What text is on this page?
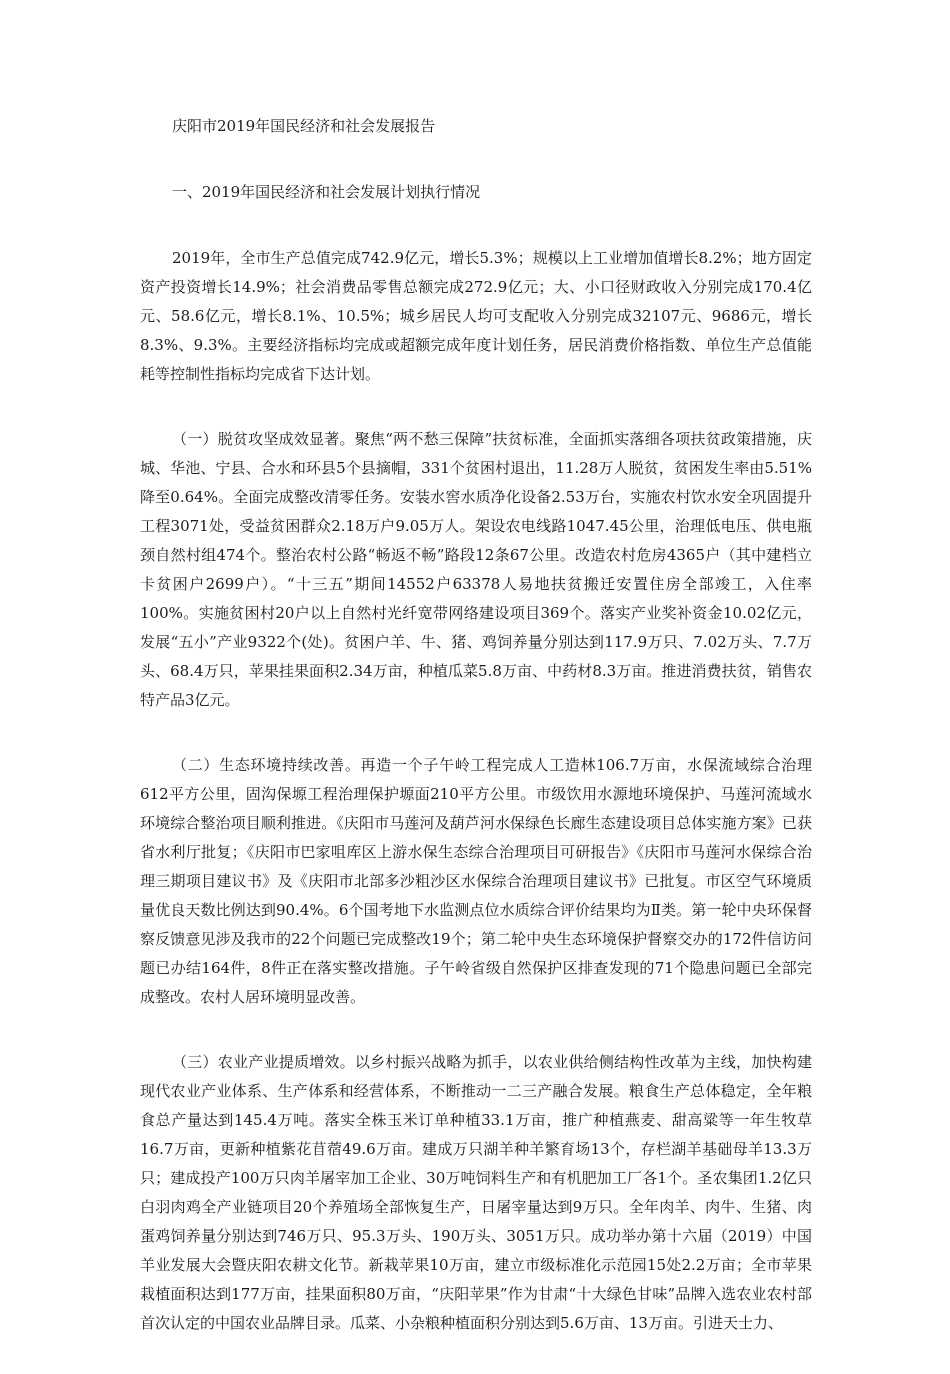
庆阳市2019年国民经济和社会发展报告

一、2019年国民经济和社会发展计划执行情况

2019年，全市生产总值完成742.9亿元，增长5.3%；规模以上工业增加值增长8.2%；地方固定资产投资增长14.9%；社会消费品零售总额完成272.9亿元；大、小口径财政收入分别完成170.4亿元、58.6亿元，增长8.1%、10.5%；城乡居民人均可支配收入分别完成32107元、9686元，增长8.3%、9.3%。主要经济指标均完成或超额完成年度计划任务，居民消费价格指数、单位生产总值能耗等控制性指标均完成省下达计划。

（一）脱贫攻坚成效显著。聚焦“两不愁三保障”扶贫标准，全面抓实落细各项扶贫政策措施，庆城、华池、宁县、合水和环县5个县摘帽，331个贫困村退出，11.28万人脱贫，贫困发生率由5.51%降至0.64%。全面完成整改清零任务。安装水窖水质净化设备2.53万台，实施农村饮水安全巩固提升工程3071处，受益贫困群众2.18万户9.05万人。架设农电线路1047.45公里，治理低电压、供电瓶颈自然村组474个。整治农村公路“畅返不畅”路段12条67公里。改造农村危房4365户（其中建档立卡贫困户2699户）。“十三五”期间14552户63378人易地扶贫搬迁安置住房全部竣工，入住率100%。实施贫困村20户以上自然村光纤宽带网络建设项目369个。落实产业奖补资金10.02亿元，发展“五小”产业9322个(处)。贫困户羊、牛、猪、鸡饲养量分别达到117.9万只、7.02万头、7.7万头、68.4万只，苹果挂果面积2.34万亩，种植瓜菜5.8万亩、中药材8.3万亩。推进消费扶贫，销售农特产品3亿元。

（二）生态环境持续改善。再造一个子午岭工程完成人工造林106.7万亩，水保流域综合治理612平方公里，固沟保塬工程治理保护塬面210平方公里。市级饮用水源地环境保护、马莲河流域水环境综合整治项目顺利推进。《庆阳市马莲河及葫芦河水保绿色长廊生态建设项目总体实施方案》已获省水利厅批复；《庆阳市巴家咀库区上游水保生态综合治理项目可研报告》《庆阳市马莲河水保综合治理三期项目建议书》及《庆阳市北部多沙粗沙区水保综合治理项目建议书》已批复。市区空气环境质量优良天数比例达到90.4%。6个国考地下水监测点位水质综合评价结果均为Ⅱ类。第一轮中央环保督察反馈意见涉及我市的22个问题已完成整改19个；第二轮中央生态环境保护督察交办的172件信访问题已办结164件，8件正在落实整改措施。子午岭省级自然保护区排查发现的71个隐患问题已全部完成整改。农村人居环境明显改善。

（三）农业产业提质增效。以乡村振兴战略为抓手，以农业供给侧结构性改革为主线，加快构建现代农业产业体系、生产体系和经营体系，不断推动一二三产融合发展。粮食生产总体稳定，全年粮食总产量达到145.4万吨。落实全株玉米订单种植33.1万亩，推广种植燕麦、甜高粱等一年生牧草16.7万亩，更新种植紫花苜蓿49.6万亩。建成万只湖羊种羊繁育场13个，存栏湖羊基础母羊13.3万只；建成投产100万只肉羊屠宰加工企业、30万吨饲料生产和有机肥加工厂各1个。圣农集团1.2亿只白羽肉鸡全产业链项目20个养殖场全部恢复生产，日屠宰量达到9万只。全年肉羊、肉牛、生猪、肉蛋鸡饲养量分别达到746万只、95.3万头、190万头、3051万只。成功举办第十六届（2019）中国羊业发展大会暨庆阳农耕文化节。新栽苹果10万亩，建立市级标准化示范园15处2.2万亩；全市苹果栽植面积达到177万亩，挂果面积80万亩，“庆阳苹果”作为甘肃“十大绿色甘味”品牌入选农业农村部首次认定的中国农业品牌目录。瓜菜、小杂粮种植面积分别达到5.6万亩、13万亩。引进天士力、
